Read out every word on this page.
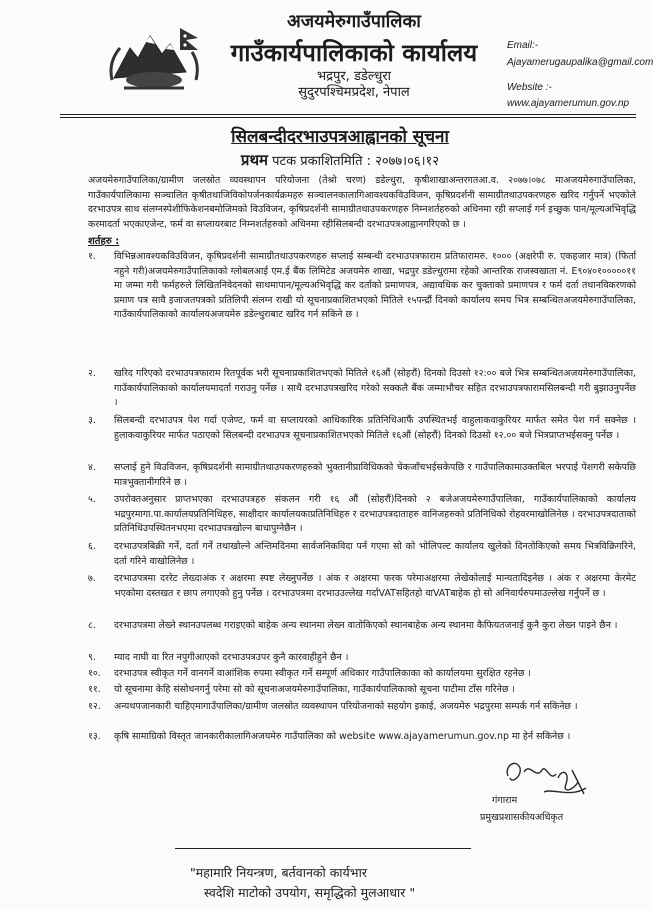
अजयमेरुगाउँपालिका
गाउँकार्यपालिकाको कार्यालय
भद्रपुर, डडेल्धुरा
सुदुरपश्चिमप्रदेश, नेपाल
Email:-
Ajayamerugaupalika@gmail.com
Website :-
www.ajayamerumun.gov.np
सिलबन्दीदरभाउपत्रआह्वानको सूचना
प्रथम पटक प्रकाशितमिति : २०७७।०६।१२

अजयमेरुगाउँपालिका/ग्रामीण जलस्रोत व्यवस्थापन परियोजना (तेश्रो चरण) डडेल्धुरा, कृषीशाखाअन्तरगतआ.व. २०७७।०७८ माअजयमेरुगाउँपालिका, गाउँकार्यपालिकामा सञ्चालित कृषीतथाजिविकोपर्जनकार्यक्रमहरु सञ्चालनकालागिआवश्यकविउविजन, कृषिप्रदर्शनी सामाग्रीतथाउपकरणहरु खरिद गर्नुपर्ने भएकोले दरभाउपत्र साथ संलग्नस्पेशीफिकेशनबमोजिमको विउविजन, कृषिप्रदर्शनी सामाग्रीतथाउपकरणहरु निम्नशर्तहरुको अधिनमा रही सप्लाई गर्न इच्छुक पान/मूल्यअभिवृद्धि करमादर्ता भएकाएजेन्ट, फर्म वा सप्लायरबाट निम्नशर्तहरुको अधिनमा रहीसिलबन्दी दरभाउपत्रआह्वानगरिएको छ ।

शर्तहरु :
१.	विभिन्नआवश्यकविउविजन, कृषिप्रदर्शनी सामाग्रीतथाउपकरणहरु सप्लाई सम्बन्धी दरभाउपत्रफाराम प्रतिफारामरु. १००० (अक्षरेपी रु. एकहजार मात्र) (फिर्ता नहुने गरी)अजयमेरुगाउँपालिकाको ग्लोबलआई एम.ई बैंक लिमिटेड अजयमेरु शाखा, भद्रपुर डडेल्धुरामा रहेको आन्तरिक राजस्वखाता नं. E९०४०१०००००११ मा जम्मा गरी फर्महरुले लिखितनिवेदनको साथमापान/मूल्यअभिवृद्धि कर दर्ताको प्रमाणपत्र, अद्यावधिक कर चुक्ताको प्रमाणपत्र र फर्म दर्ता तथानविकरणको प्रमाण पत्र सावै इजाजतपत्रको प्रतिलिपी संलग्न राखी यो सूचनाप्रकाशितभएको मितिले १५पन्द्रौं दिनको कार्यालय समय भित्र सम्बन्धितअजयमेरुगाउँपालिका, गाउँकार्यपालिकाको कार्यालयअजयमेरु डडेल्धुराबाट खरिद गर्न सकिने छ ।
२.	खरिद गरिएको दरभाउपत्रफाराम रितपूर्वक भरी सूचनाप्रकाशितभएको मितिले १६औं (सोहरौं) दिनको दिउसो १२:०० बजे भित्र सम्बन्धितअजयमेरुगाउँपालिका, गाउँकार्यपालिकाको कार्यालयमादर्ता गराउनु पर्नेछ । साथै दरभाउपत्रखरिद गरेको सक्कलै बैंक जम्माभौचर सहित दरभाउपत्रफारामसिलबन्दी गरी बुझाउनुपर्नेछ ।
३.	सिलबन्दी दरभाउपत्र पेश गर्दा एजेण्ट, फर्म वा सप्लायरको आधिकारिक प्रतिनिधिआफैं उपस्थितभई वाहुलाकवाकुरियर मार्फत समेत पेश गर्न सक्नेछ । हुलाकवाकुरियर मार्फत पठाएको सिलबन्दी दरभाउपत्र सूचनाप्रकाशितभएको मितिले १६औं (सोहरौं) दिनको दिउसो १२.०० बजे भित्रप्राप्तभईसक्नु पर्नेछ ।
४.	सप्लाई हुने विउविजन, कृषिप्रदर्शनी सामाग्रीतथाउपकरणहरुको भुक्तानीप्राविधिकको चेकजाँचभईसकेपछि र गाउँपालिकामाउक्तबिल भरपाई पेशगरी सकेपछि मात्रभुक्तानीगरिने छ ।
५.	उपरोक्तअनुसार प्राप्तभएका दरभाउपत्रहरु संकलन गरी १६ औं (सोहरौं)दिनको २ बजेअजयमेरुगाउँपालिका, गाउँकार्यपालिकाको कार्यालय भद्रपुरमागा.पा.कार्यालयप्रतिनिधिहरु, साक्षीदार कार्यालयकाप्रतिनिधिहरु र दरभाउपत्रदाताहरु वानिजहरुको प्रतिनिधिको रोहवरमाखोलिनेछ । दरभाउपत्रदाताको प्रतिनिधिउपस्थितनभएमा दरभाउपत्रखोल्न बाधापुग्नेछैन ।
६.	दरभाउपत्रबिक्री गर्ने, दर्ता गर्ने तथाखोल्ने अन्तिमदिनमा सार्वजनिकविदा पर्न गएमा सो को भोलिपल्ट कार्यालय खुलेको दिनतोकिएको समय भित्रविक्रिगरिने, दर्ता गरिने वाखोलिनेछ ।
७.	दरभाउपत्रमा दररेट लेख्दाअंक र अक्षरमा स्पष्ट लेख्नुपर्नेछ । अंक र अक्षरमा फरक परेमाअक्षरमा लेखेकोलाई मान्यतादिइनेछ । अंक र अक्षरमा केरमेट भएकोमा दस्तखत र छाप लगाएको हुनु पर्नेछ । दरभाउपत्रमा दरभाउउल्लेख गर्दाVATसहितहो वाVATबाहेक हो सो अनिवार्यरुपमाउल्लेख गर्नुपर्ने छ ।
८.	दरभाउपत्रमा लेख्ने स्थानउपलब्ध गराइएको बाहेक अन्य स्थानमा लेख्न वातोकिएको स्थानबाहेक अन्य स्थानमा कैफियतजनाई कुनै कुरा लेख्न पाइने छैन ।
९.	म्याद नाघी वा रित नपुगीआएको दरभाउपत्रउपर कुनै कारवाहीहुने छैन ।
१०.	दरभाउपत्र स्वीकृत गर्ने वानगर्ने वाआंशिक रुपमा स्वीकृत गर्ने सम्पूर्ण अधिकार गाउँपालिकाका को कार्यालयमा सुरक्षित रहनेछ ।
११.	यो सूचनामा केहि संसोधनगर्नु परेमा सो को सूचनाअजयमेरुगाउँपालिका, गाउँकार्यपालिकाको सूचना पाटीमा टाँस गरिनेछ ।
१२.	अन्यथपजानकारी चाहिएमागाउँपालिका/ग्रामीण जलस्रोत व्यवस्थापन परियोजनाको सहयोग इकाई, अजयमेरु भद्रपुरमा सम्पर्क गर्न सकिनेछ ।
१३.	कृषि सामाग्रिको विस्तृत जानकारीकालागिअजयमेरु गाउँपालिका को website www.ajayamerumun.gov.np मा हेर्न सकिनेछ ।
गंगाराम
प्रमुखप्रशासकीयअधिकृत
"महामारि नियन्त्रण, बर्तवानको कार्यभार
स्वदेशि माटोको उपयोग, समृद्धिको मुलआधार "
